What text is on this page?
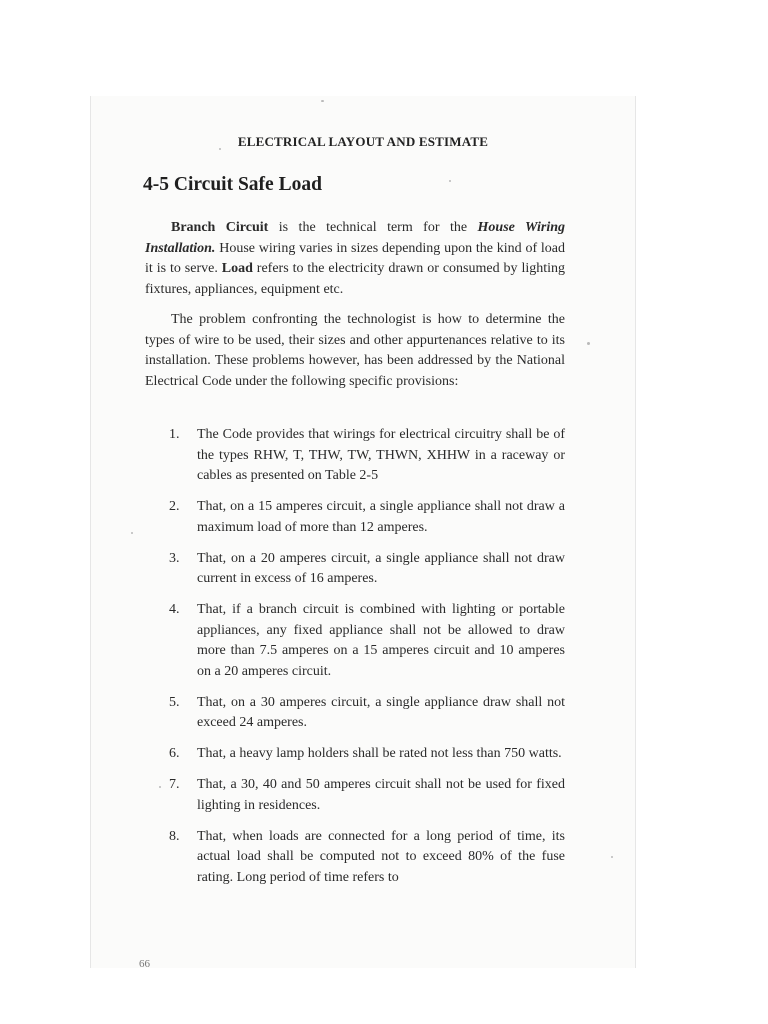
ELECTRICAL LAYOUT AND ESTIMATE
4-5 Circuit Safe Load
Branch Circuit is the technical term for the House Wiring Installation. House wiring varies in sizes depending upon the kind of load it is to serve. Load refers to the electricity drawn or consumed by lighting fixtures, appliances, equipment etc.
The problem confronting the technologist is how to determine the types of wire to be used, their sizes and other appurtenances relative to its installation. These problems however, has been addressed by the National Electrical Code under the following specific provisions:
1. The Code provides that wirings for electrical circuitry shall be of the types RHW, T, THW, TW, THWN, XHHW in a raceway or cables as presented on Table 2-5
2. That, on a 15 amperes circuit, a single appliance shall not draw a maximum load of more than 12 amperes.
3. That, on a 20 amperes circuit, a single appliance shall not draw current in excess of 16 amperes.
4. That, if a branch circuit is combined with lighting or portable appliances, any fixed appliance shall not be allowed to draw more than 7.5 amperes on a 15 amperes circuit and 10 amperes on a 20 amperes circuit.
5. That, on a 30 amperes circuit, a single appliance draw shall not exceed 24 amperes.
6. That, a heavy lamp holders shall be rated not less than 750 watts.
7. That, a 30, 40 and 50 amperes circuit shall not be used for fixed lighting in residences.
8. That, when loads are connected for a long period of time, its actual load shall be computed not to exceed 80% of the fuse rating. Long period of time refers to
66
